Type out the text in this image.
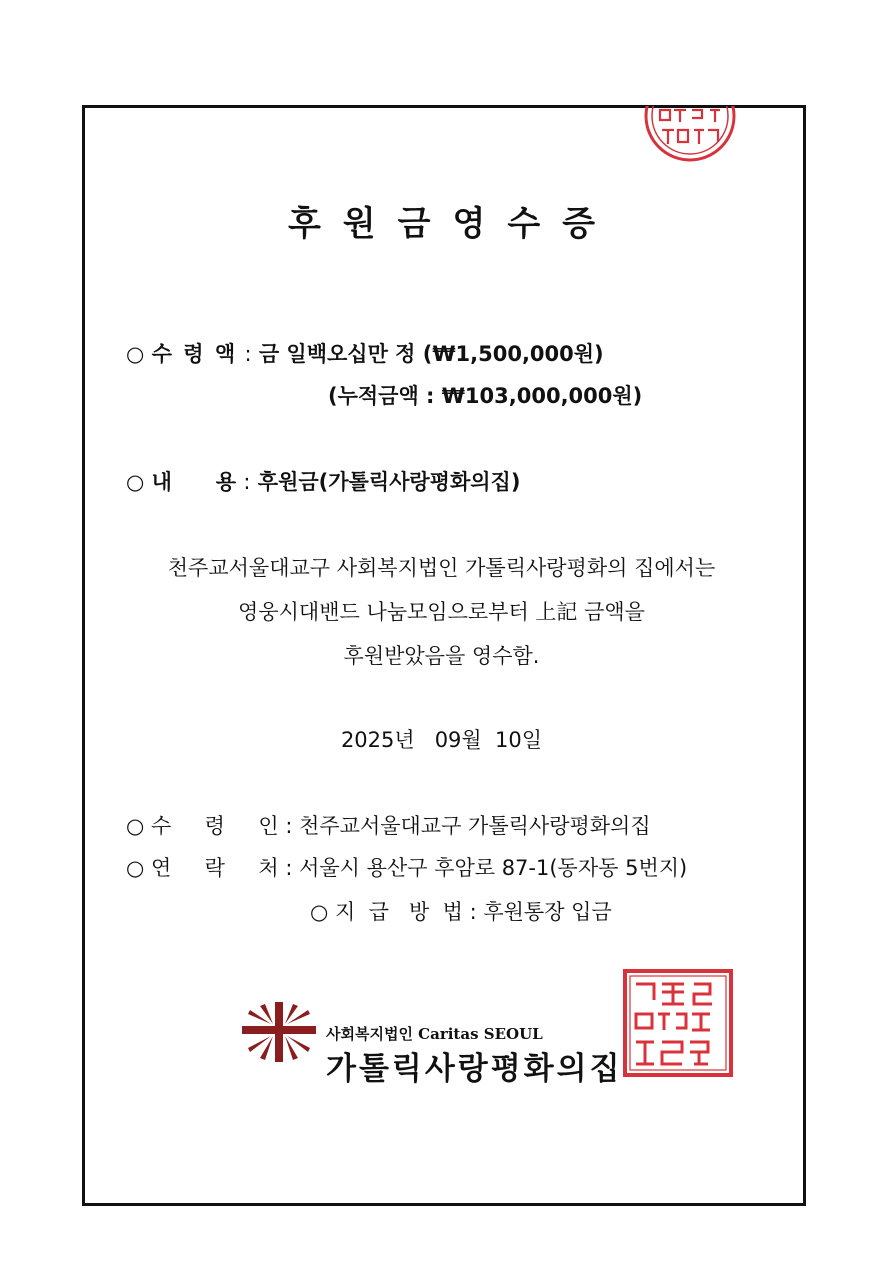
후원금영수증
○ 수 령 액 : 금 일백오십만 정 (₩1,500,000원)
(누적금액 : ₩103,000,000원)
○ 내      용 : 후원금(가톨릭사랑평화의집)
천주교서울대교구 사회복지법인 가톨릭사랑평화의 집에서는
영웅시대밴드 나눔모임으로부터 上記 금액을
후원받았음을 영수함.
2025년   09월  10일
○ 수     령     인 : 천주교서울대교구 가톨릭사랑평화의집
○ 연     락     처 : 서울시 용산구 후암로 87-1(동자동 5번지)
○ 지  급   방  법 : 후원통장 입금
사회복지법인 Caritas SEOUL
가톨릭사랑평화의집
